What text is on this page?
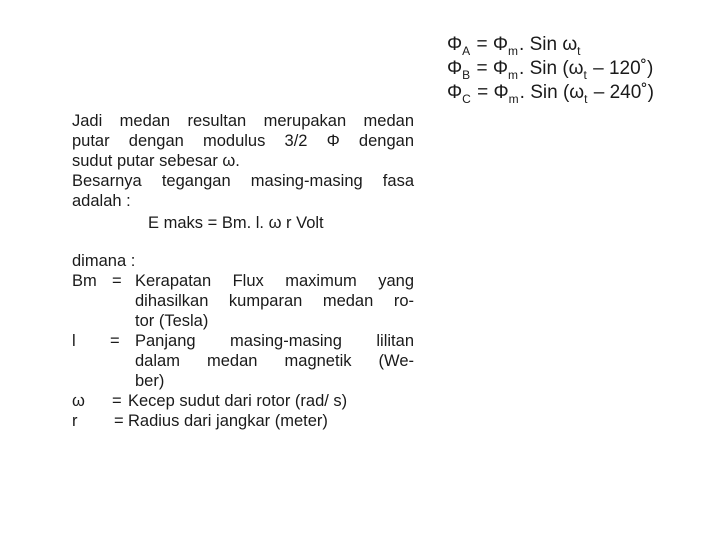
$\Phi_A = \Phi_m$. Sin $\omega_t$
$\Phi_B = \Phi_m$. Sin ($\omega_t$ – 120˚)
$\Phi_C = \Phi_m$. Sin ($\omega_t$ – 240˚)
Jadi medan resultan merupakan medan
putar dengan modulus 3/2 Φ dengan
sudut putar sebesar ω.
Besarnya tegangan masing-masing fasa
adalah :
E maks = Bm. l. ω r Volt
dimana :
Bm = Kerapatan Flux maximum yang
dihasilkan kumparan medan ro-
tor (Tesla)
l	= Panjang masing-masing lilitan
dalam medan magnetik (We-
ber)
ω	= Kecep sudut dari rotor (rad/ s)
r	= Radius dari jangkar (meter)
